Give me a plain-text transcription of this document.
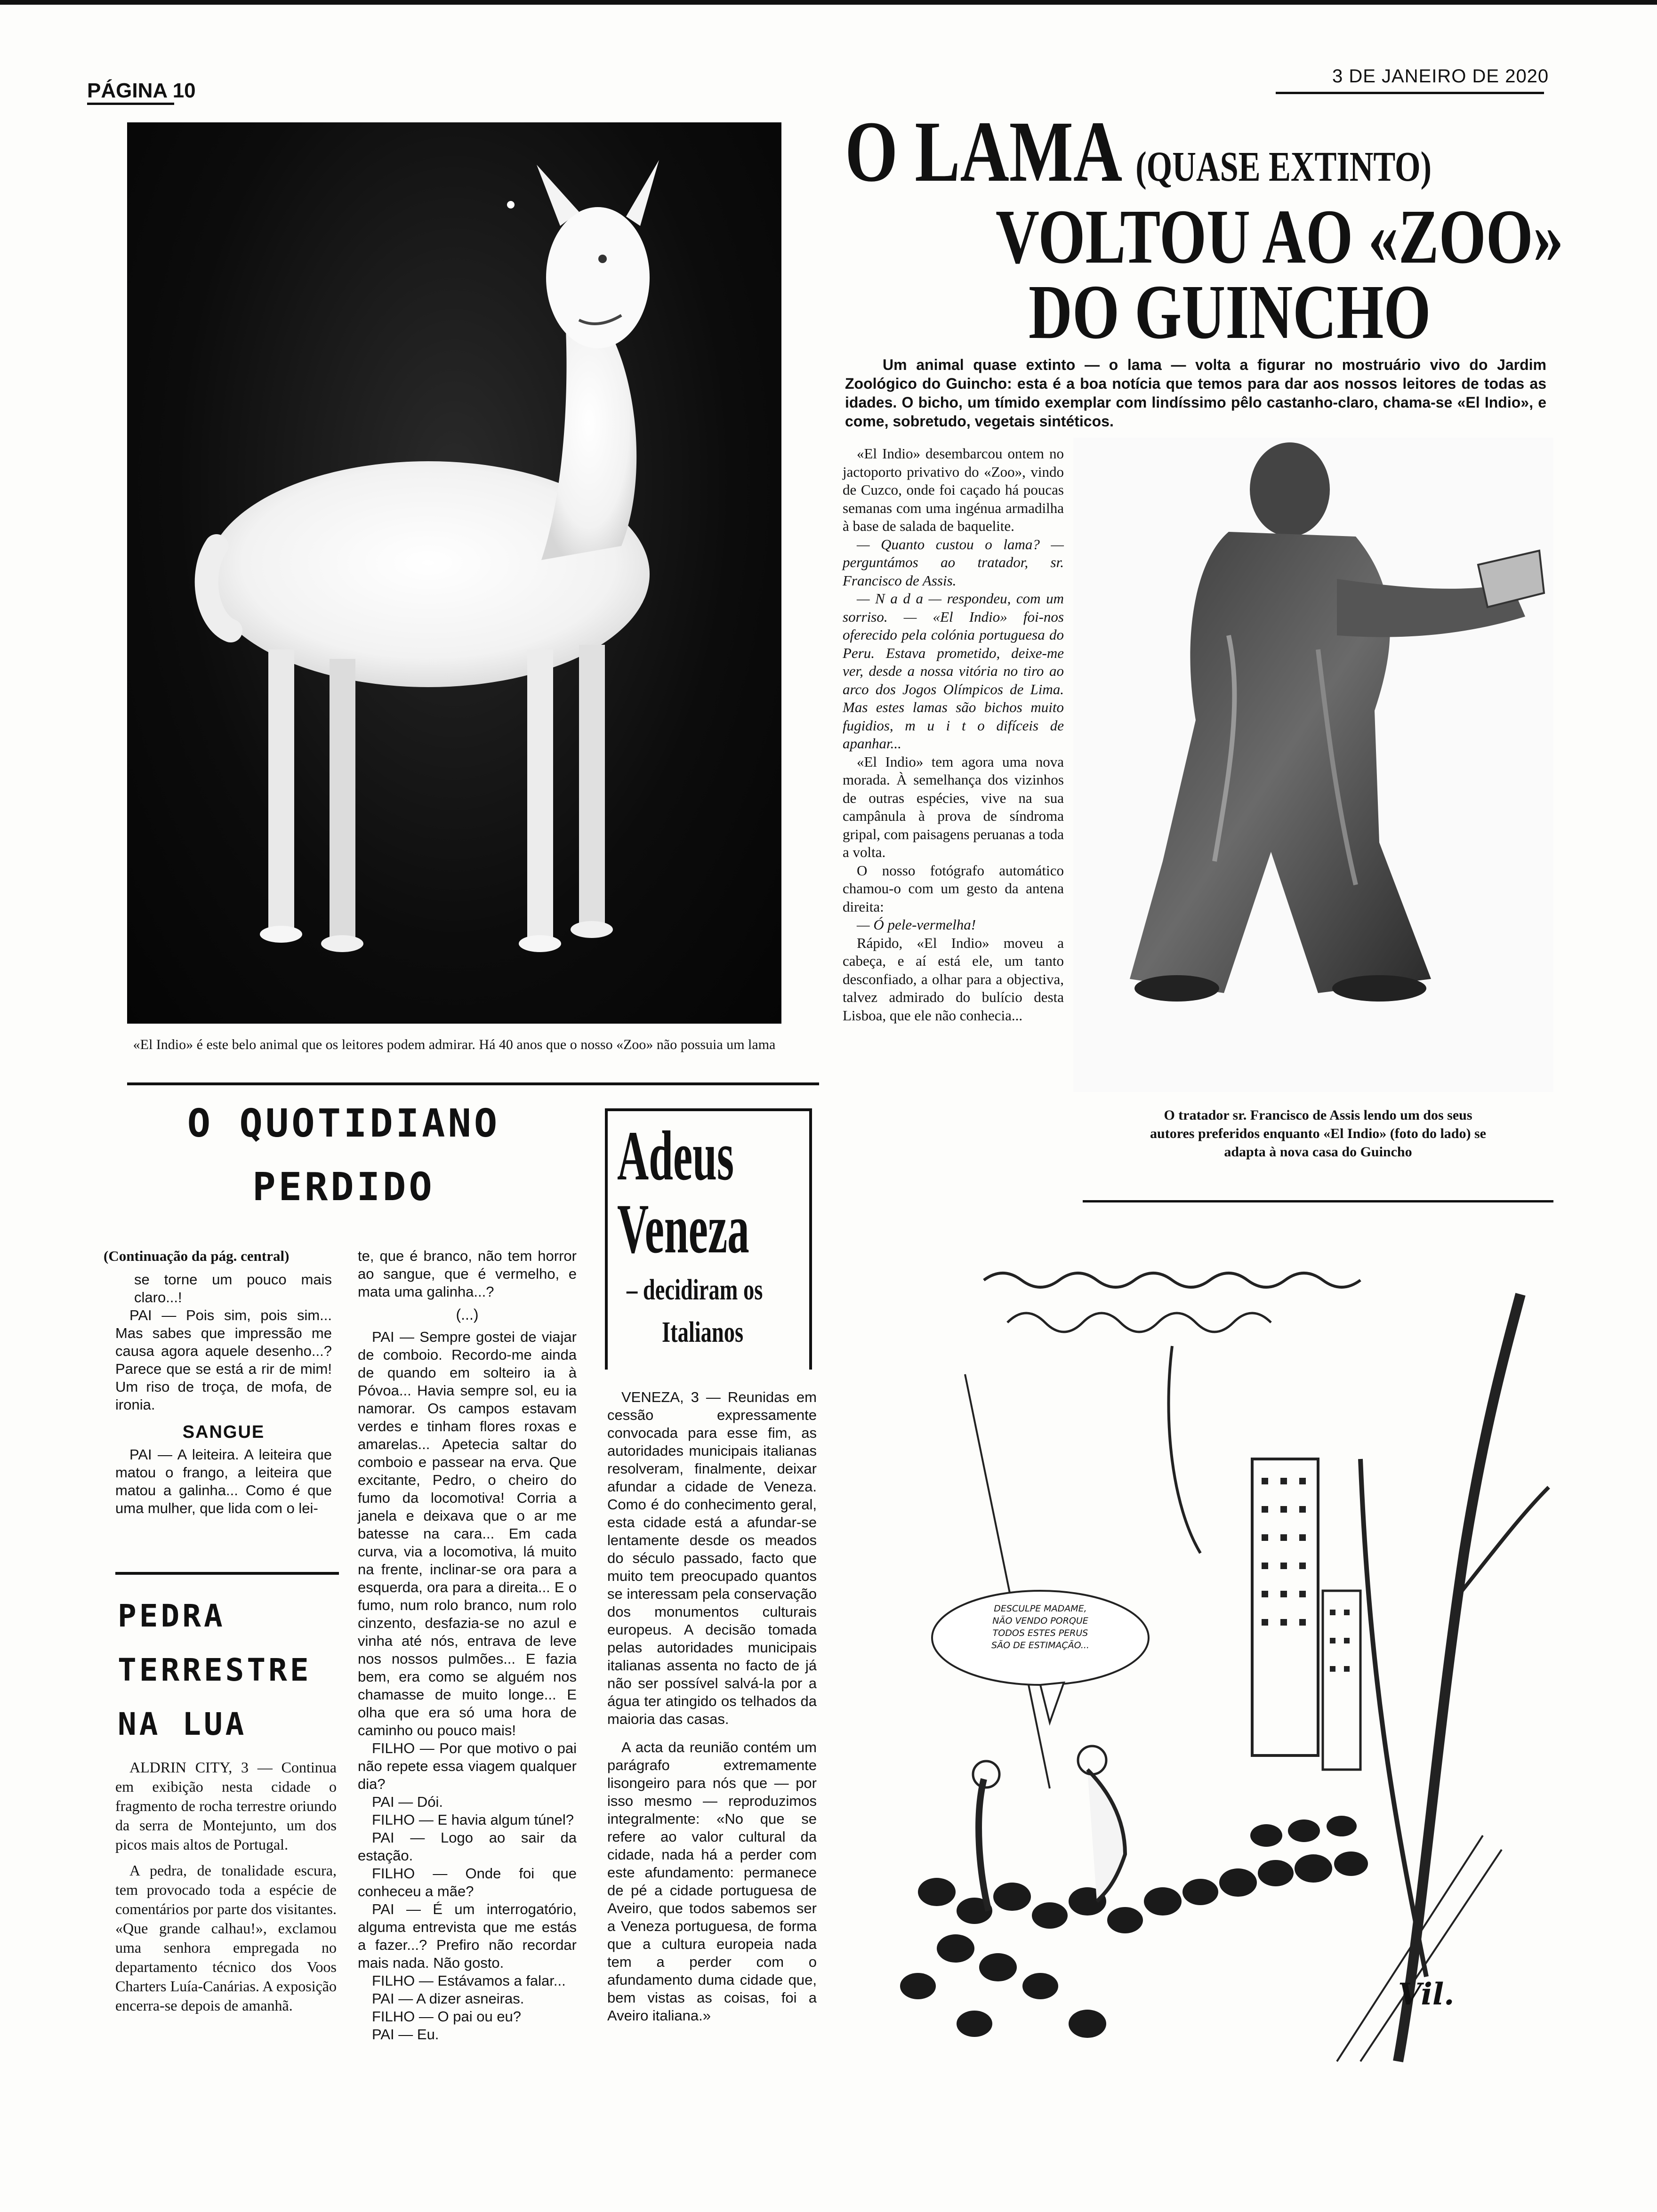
PÁGINA 10
3 DE JANEIRO DE 2020
«El Indio» é este belo animal que os leitores podem admirar. Há 40 anos que o nosso «Zoo» não possuia um lama
O LAMA (QUASE EXTINTO)
VOLTOU AO «ZOO»
DO GUINCHO
Um animal quase extinto — o lama — volta a figurar no mostruário vivo do Jardim Zoológico do Guincho: esta é a boa notícia que temos para dar aos nossos leitores de todas as idades. O bicho, um tímido exemplar com lindíssimo pêlo castanho-claro, chama-se «El Indio», e come, sobretudo, vegetais sintéticos.

«El Indio» desembarcou ontem no jactoporto privativo do «Zoo», vindo de Cuzco, onde foi caçado há poucas semanas com uma ingénua armadilha à base de salada de baquelite.

— Quanto custou o lama? — perguntámos ao tratador, sr. Francisco de Assis.

— N a d a — respondeu, com um sorriso. — «El Indio» foi-nos oferecido pela colónia portuguesa do Peru. Estava prometido, deixe-me ver, desde a nossa vitória no tiro ao arco dos Jogos Olímpicos de Lima. Mas estes lamas são bichos muito fugidios, m u i t o difíceis de apanhar...

«El Indio» tem agora uma nova morada. À semelhança dos vizinhos de outras espécies, vive na sua campânula à prova de síndroma gripal, com paisagens peruanas a toda a volta.

O nosso fotógrafo automático chamou-o com um gesto da antena direita:

— Ó pele-vermelha!

Rápido, «El Indio» moveu a cabeça, e aí está ele, um tanto desconfiado, a olhar para a objectiva, talvez admirado do bulício desta Lisboa, que ele não conhecia...

O tratador sr. Francisco de Assis lendo um dos seus autores preferidos enquanto «El Indio» (foto do lado) se adapta à nova casa do Guincho
O QUOTIDIANO
PERDIDO
(Continuação da pág. central)

se torne um pouco mais claro...!

PAI — Pois sim, pois sim... Mas sabes que impressão me causa agora aquele desenho...? Parece que se está a rir de mim! Um riso de troça, de mofa, de ironia.

SANGUE

PAI — A leiteira. A leiteira que matou o frango, a leiteira que matou a galinha... Como é que uma mulher, que lida com o lei-

te, que é branco, não tem horror ao sangue, que é vermelho, e mata uma galinha...?

(...)

PAI — Sempre gostei de viajar de comboio. Recordo-me ainda de quando em solteiro ia à Póvoa... Havia sempre sol, eu ia namorar. Os campos estavam verdes e tinham flores roxas e amarelas... Apetecia saltar do comboio e passear na erva. Que excitante, Pedro, o cheiro do fumo da locomotiva! Corria a janela e deixava que o ar me batesse na cara... Em cada curva, via a locomotiva, lá muito na frente, inclinar-se ora para a esquerda, ora para a direita... E o fumo, num rolo branco, num rolo cinzento, desfazia-se no azul e vinha até nós, entrava de leve nos nossos pulmões... E fazia bem, era como se alguém nos chamasse de muito longe... E olha que era só uma hora de caminho ou pouco mais!

FILHO — Por que motivo o pai não repete essa viagem qualquer dia?

PAI — Dói.

FILHO — E havia algum túnel?

PAI — Logo ao sair da estação.

FILHO — Onde foi que conheceu a mãe?

PAI — É um interrogatório, alguma entrevista que me estás a fazer...? Prefiro não recordar mais nada. Não gosto.

FILHO — Estávamos a falar...

PAI — A dizer asneiras.

FILHO — O pai ou eu?

PAI — Eu.

PEDRA
TERRESTRE
NA LUA

ALDRIN CITY, 3 — Continua em exibição nesta cidade o fragmento de rocha terrestre oriundo da serra de Montejunto, um dos picos mais altos de Portugal.

A pedra, de tonalidade escura, tem provocado toda a espécie de comentários por parte dos visitantes. «Que grande calhau!», exclamou uma senhora empregada no departamento técnico dos Voos Charters Luía-Canárias. A exposição encerra-se depois de amanhã.

Adeus
Veneza
– decidiram os
Italianos

VENEZA, 3 — Reunidas em cessão expressamente convocada para esse fim, as autoridades municipais italianas resolveram, finalmente, deixar afundar a cidade de Veneza. Como é do conhecimento geral, esta cidade está a afundar-se lentamente desde os meados do século passado, facto que muito tem preocupado quantos se interessam pela conservação dos monumentos culturais europeus. A decisão tomada pelas autoridades municipais italianas assenta no facto de já não ser possível salvá-la por a água ter atingido os telhados da maioria das casas.

A acta da reunião contém um parágrafo extremamente lisongeiro para nós que — por isso mesmo — reproduzimos integralmente: «No que se refere ao valor cultural da cidade, nada há a perder com este afundamento: permanece de pé a cidade portuguesa de Aveiro, que todos sabemos ser a Veneza portuguesa, de forma que a cultura europeia nada tem a perder com o afundamento duma cidade que, bem vistas as coisas, foi a Aveiro italiana.»

DESCULPE MADAME,
NÃO VENDO PORQUE
TODOS ESTES PERUS
SÃO DE ESTIMAÇÃO...
Vil.
